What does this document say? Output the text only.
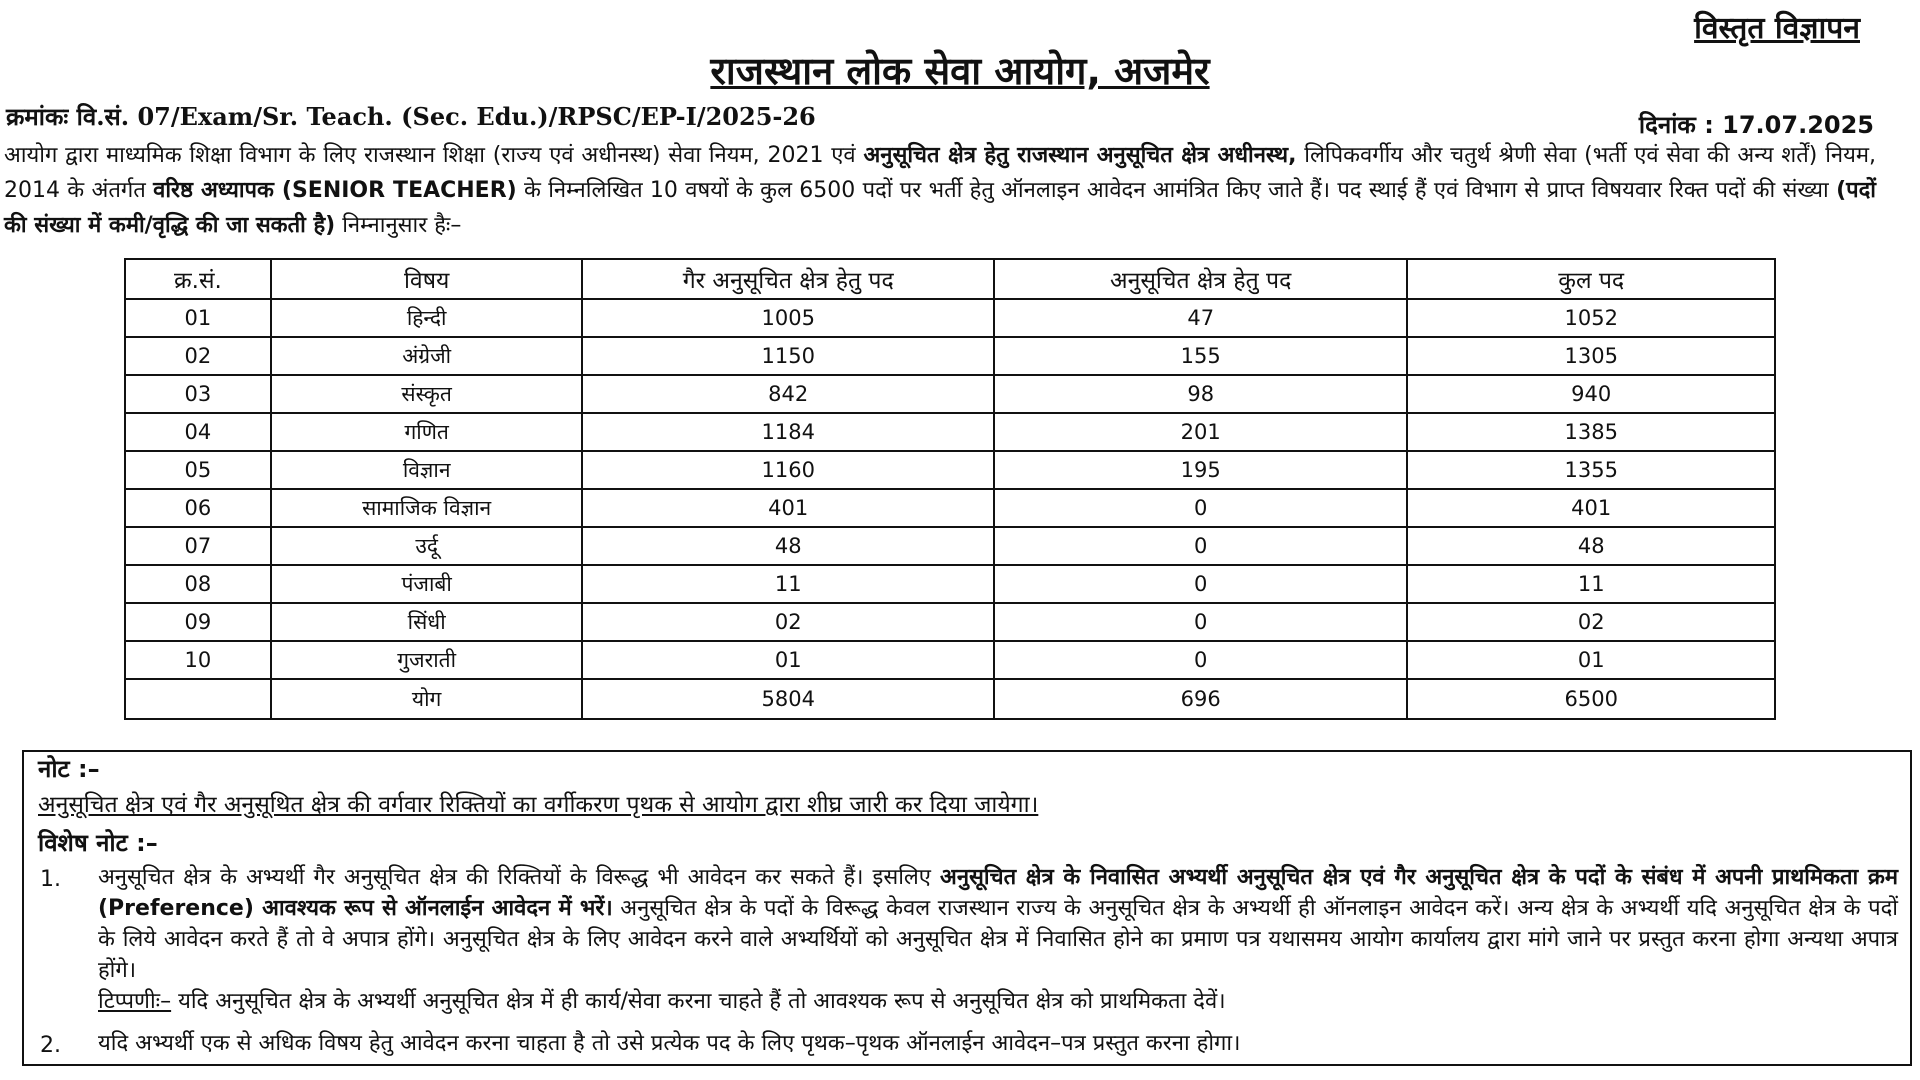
विस्तृत विज्ञापन
राजस्थान लोक सेवा आयोग, अजमेर
क्रमांकः वि.सं. 07/Exam/Sr. Teach. (Sec. Edu.)/RPSC/EP-I/2025-26	दिनांक : 17.07.2025
आयोग द्वारा माध्यमिक शिक्षा विभाग के लिए राजस्थान शिक्षा (राज्य एवं अधीनस्थ) सेवा नियम, 2021 एवं अनुसूचित क्षेत्र हेतु राजस्थान अनुसूचित क्षेत्र अधीनस्थ, लिपिकवर्गीय और चतुर्थ श्रेणी सेवा (भर्ती एवं सेवा की अन्य शर्तें) नियम, 2014 के अंतर्गत वरिष्ठ अध्यापक (SENIOR TEACHER) के निम्नलिखित 10 वषयों के कुल 6500 पदों पर भर्ती हेतु ऑनलाइन आवेदन आमंत्रित किए जाते हैं। पद स्थाई हैं एवं विभाग से प्राप्त विषयवार रिक्त पदों की संख्या (पदों की संख्या में कमी/वृद्धि की जा सकती है) निम्नानुसार हैः–
क्र.सं.	विषय	गैर अनुसूचित क्षेत्र हेतु पद	अनुसूचित क्षेत्र हेतु पद	कुल पद
01	हिन्दी	1005	47	1052
02	अंग्रेजी	1150	155	1305
03	संस्कृत	842	98	940
04	गणित	1184	201	1385
05	विज्ञान	1160	195	1355
06	सामाजिक विज्ञान	401	0	401
07	उर्दू	48	0	48
08	पंजाबी	11	0	11
09	सिंधी	02	0	02
10	गुजराती	01	0	01
	योग	5804	696	6500
नोट :–
अनुसूचित क्षेत्र एवं गैर अनुसूथित क्षेत्र की वर्गवार रिक्तियों का वर्गीकरण पृथक से आयोग द्वारा शीघ्र जारी कर दिया जायेगा।
विशेष नोट :–
1. अनुसूचित क्षेत्र के अभ्यर्थी गैर अनुसूचित क्षेत्र की रिक्तियों के विरूद्ध भी आवेदन कर सकते हैं। इसलिए अनुसूचित क्षेत्र के निवासित अभ्यर्थी अनुसूचित क्षेत्र एवं गैर अनुसूचित क्षेत्र के पदों के संबंध में अपनी प्राथमिकता क्रम (Preference) आवश्यक रूप से ऑनलाईन आवेदन में भरें। अनुसूचित क्षेत्र के पदों के विरूद्ध केवल राजस्थान राज्य के अनुसूचित क्षेत्र के अभ्यर्थी ही ऑनलाइन आवेदन करें। अन्य क्षेत्र के अभ्यर्थी यदि अनुसूचित क्षेत्र के पदों के लिये आवेदन करते हैं तो वे अपात्र होंगे। अनुसूचित क्षेत्र के लिए आवेदन करने वाले अभ्यर्थियों को अनुसूचित क्षेत्र में निवासित होने का प्रमाण पत्र यथासमय आयोग कार्यालय द्वारा मांगे जाने पर प्रस्तुत करना होगा अन्यथा अपात्र होंगे।
टिप्पणीः– यदि अनुसूचित क्षेत्र के अभ्यर्थी अनुसूचित क्षेत्र में ही कार्य/सेवा करना चाहते हैं तो आवश्यक रूप से अनुसूचित क्षेत्र को प्राथमिकता देवें।
2. यदि अभ्यर्थी एक से अधिक विषय हेतु आवेदन करना चाहता है तो उसे प्रत्येक पद के लिए पृथक–पृथक ऑनलाईन आवेदन–पत्र प्रस्तुत करना होगा।
